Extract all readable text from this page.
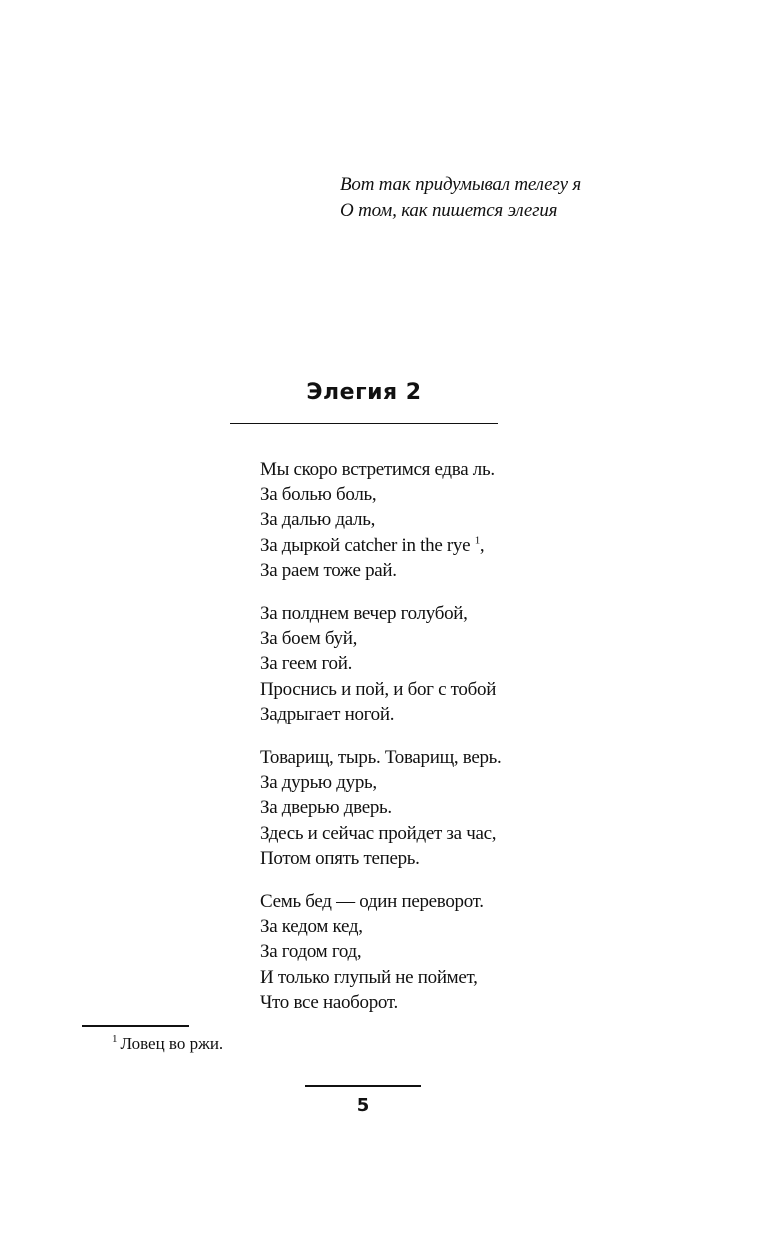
Вот так придумывал телегу я
О том, как пишется элегия
Элегия 2
Мы скоро встретимся едва ль.
За болью боль,
За далью даль,
За дыркой catcher in the rye $^1$,
За раем тоже рай.
За полднем вечер голубой,
За боем буй,
За геем гой.
Проснись и пой, и бог с тобой
Задрыгает ногой.
Товарищ, тырь. Товарищ, верь.
За дурью дурь,
За дверью дверь.
Здесь и сейчас пройдет за час,
Потом опять теперь.
Семь бед — один переворот.
За кедом кед,
За годом год,
И только глупый не поймет,
Что все наоборот.
$^1$ Ловец во ржи.
5
